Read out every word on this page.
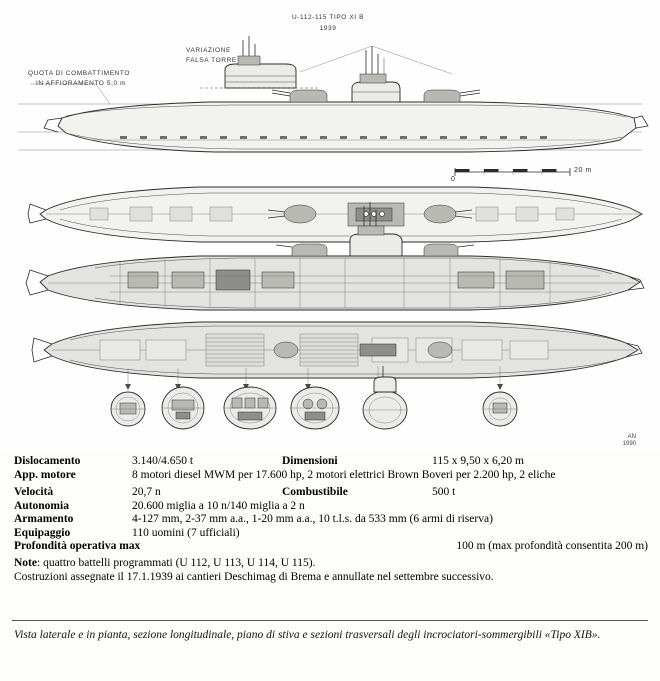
U-112-115 TIPO XI B
1939
VARIAZIONE
FALSA TORRE
QUOTA DI COMBATTIMENTO
IN AFFIORAMENTO 5,0 m
0
20 m
AN
1990
Dislocamento	3.140/4.650 t	Dimensioni	115 x 9,50 x 6,20 m
App. motore	8 motori diesel MWM per 17.600 hp, 2 motori elettrici Brown Boveri per 2.200 hp, 2 eliche
Velocità	20,7 n	Combustibile	500 t
Autonomia	20.600 miglia a 10 n/140 miglia a 2 n
Armamento	4-127 mm, 2-37 mm a.a., 1-20 mm a.a., 10 t.l.s. da 533 mm (6 armi di riserva)
Equipaggio	110 uomini (7 ufficiali)
Profondità operativa max	100 m (max profondità consentita 200 m)
Note: quattro battelli programmati (U 112, U 113, U 114, U 115).
Costruzioni assegnate il 17.1.1939 ai cantieri Deschimag di Brema e annullate nel settembre successivo.
Vista laterale e in pianta, sezione longitudinale, piano di stiva e sezioni trasversali degli incrociatori-sommergibili «Tipo XIB».
